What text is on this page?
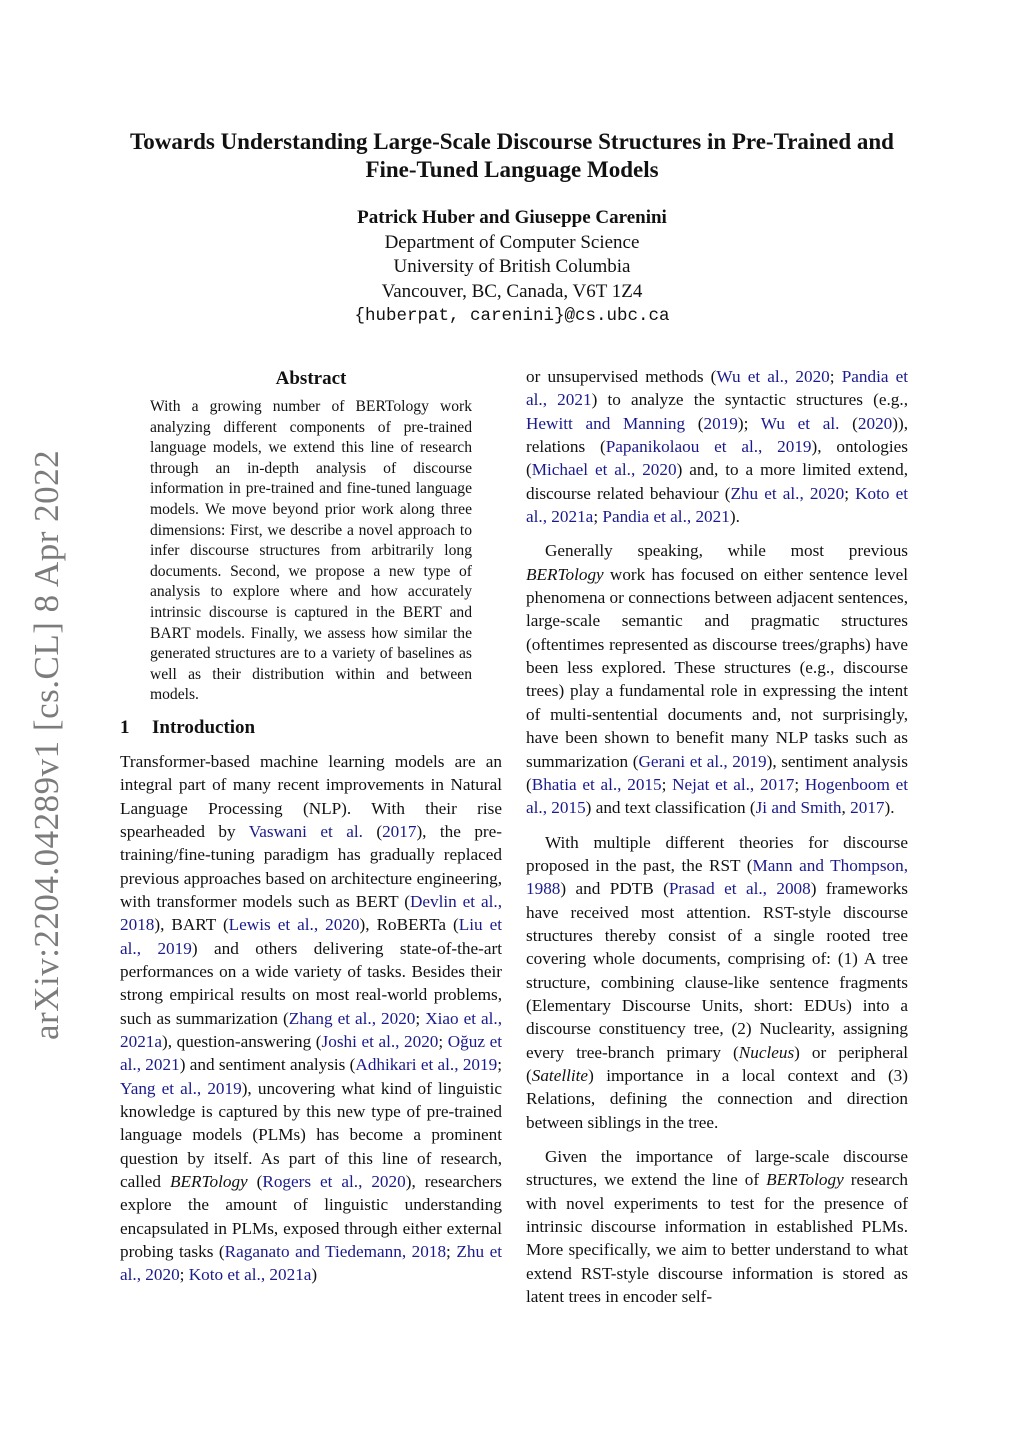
arXiv:2204.04289v1 [cs.CL] 8 Apr 2022
Towards Understanding Large-Scale Discourse Structures in Pre-Trained and Fine-Tuned Language Models
Patrick Huber and Giuseppe Carenini
Department of Computer Science
University of British Columbia
Vancouver, BC, Canada, V6T 1Z4
{huberpat, carenini}@cs.ubc.ca
Abstract
With a growing number of BERTology work analyzing different components of pre-trained language models, we extend this line of research through an in-depth analysis of discourse information in pre-trained and fine-tuned language models. We move beyond prior work along three dimensions: First, we describe a novel approach to infer discourse structures from arbitrarily long documents. Second, we propose a new type of analysis to explore where and how accurately intrinsic discourse is captured in the BERT and BART models. Finally, we assess how similar the generated structures are to a variety of baselines as well as their distribution within and between models.
1 Introduction

Transformer-based machine learning models are an integral part of many recent improvements in Natural Language Processing (NLP). With their rise spearheaded by Vaswani et al. (2017), the pre-training/fine-tuning paradigm has gradually replaced previous approaches based on architecture engineering, with transformer models such as BERT (Devlin et al., 2018), BART (Lewis et al., 2020), RoBERTa (Liu et al., 2019) and others delivering state-of-the-art performances on a wide variety of tasks. Besides their strong empirical results on most real-world problems, such as summarization (Zhang et al., 2020; Xiao et al., 2021a), question-answering (Joshi et al., 2020; Oğuz et al., 2021) and sentiment analysis (Adhikari et al., 2019; Yang et al., 2019), uncovering what kind of linguistic knowledge is captured by this new type of pre-trained language models (PLMs) has become a prominent question by itself. As part of this line of research, called BERTology (Rogers et al., 2020), researchers explore the amount of linguistic understanding encapsulated in PLMs, exposed through either external probing tasks (Raganato and Tiedemann, 2018; Zhu et al., 2020; Koto et al., 2021a)

or unsupervised methods (Wu et al., 2020; Pandia et al., 2021) to analyze the syntactic structures (e.g., Hewitt and Manning (2019); Wu et al. (2020)), relations (Papanikolaou et al., 2019), ontologies (Michael et al., 2020) and, to a more limited extend, discourse related behaviour (Zhu et al., 2020; Koto et al., 2021a; Pandia et al., 2021).

Generally speaking, while most previous BERTology work has focused on either sentence level phenomena or connections between adjacent sentences, large-scale semantic and pragmatic structures (oftentimes represented as discourse trees/graphs) have been less explored. These structures (e.g., discourse trees) play a fundamental role in expressing the intent of multi-sentential documents and, not surprisingly, have been shown to benefit many NLP tasks such as summarization (Gerani et al., 2019), sentiment analysis (Bhatia et al., 2015; Nejat et al., 2017; Hogenboom et al., 2015) and text classification (Ji and Smith, 2017).

With multiple different theories for discourse proposed in the past, the RST (Mann and Thompson, 1988) and PDTB (Prasad et al., 2008) frameworks have received most attention. RST-style discourse structures thereby consist of a single rooted tree covering whole documents, comprising of: (1) A tree structure, combining clause-like sentence fragments (Elementary Discourse Units, short: EDUs) into a discourse constituency tree, (2) Nuclearity, assigning every tree-branch primary (Nucleus) or peripheral (Satellite) importance in a local context and (3) Relations, defining the connection and direction between siblings in the tree.

Given the importance of large-scale discourse structures, we extend the line of BERTology research with novel experiments to test for the presence of intrinsic discourse information in established PLMs. More specifically, we aim to better understand to what extend RST-style discourse information is stored as latent trees in encoder self-
